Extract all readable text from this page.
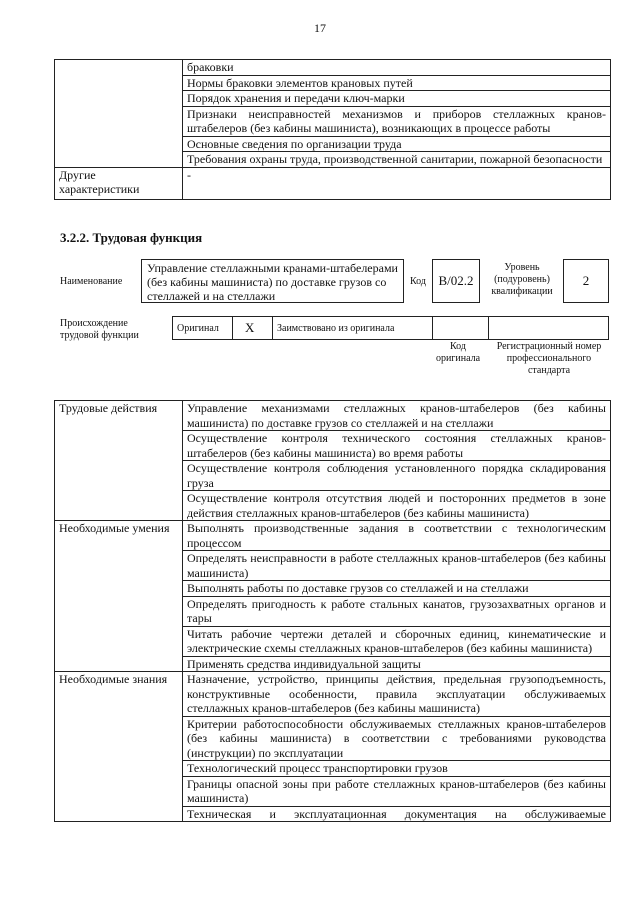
17
	браковки
	Нормы браковки элементов крановых путей
	Порядок хранения и передачи ключ-марки
	Признаки неисправностей механизмов и приборов стеллажных кранов-штабелеров (без кабины машиниста), возникающих в процессе работы
	Основные сведения по организации труда
	Требования охраны труда, производственной санитарии, пожарной безопасности
Другие характеристики	-
3.2.2. Трудовая функция
Наименование
Управление стеллажными кранами-штабелерами (без кабины машиниста) по доставке грузов со стеллажей и на стеллажи
Код B/02.2
Уровень (подуровень) квалификации
2
Происхождение трудовой функции
Оригинал	X	Заимствовано из оригинала		
Код оригинала
Регистрационный номер профессионального стандарта
Трудовые действия	Управление механизмами стеллажных кранов-штабелеров (без кабины машиниста) по доставке грузов со стеллажей и на стеллажи
	Осуществление контроля технического состояния стеллажных кранов-штабелеров (без кабины машиниста) во время работы
	Осуществление контроля соблюдения установленного порядка складирования груза
	Осуществление контроля отсутствия людей и посторонних предметов в зоне действия стеллажных кранов-штабелеров (без кабины машиниста)
Необходимые умения	Выполнять производственные задания в соответствии с технологическим процессом
	Определять неисправности в работе стеллажных кранов-штабелеров (без кабины машиниста)
	Выполнять работы по доставке грузов со стеллажей и на стеллажи
	Определять пригодность к работе стальных канатов, грузозахватных органов и тары
	Читать рабочие чертежи деталей и сборочных единиц, кинематические и электрические схемы стеллажных кранов-штабелеров (без кабины машиниста)
	Применять средства индивидуальной защиты
Необходимые знания	Назначение, устройство, принципы действия, предельная грузоподъемность, конструктивные особенности, правила эксплуатации обслуживаемых стеллажных кранов-штабелеров (без кабины машиниста)
	Критерии работоспособности обслуживаемых стеллажных кранов-штабелеров (без кабины машиниста) в соответствии с требованиями руководства (инструкции) по эксплуатации
	Технологический процесс транспортировки грузов
	Границы опасной зоны при работе стеллажных кранов-штабелеров (без кабины машиниста)
	Техническая и эксплуатационная документация на обслуживаемые
